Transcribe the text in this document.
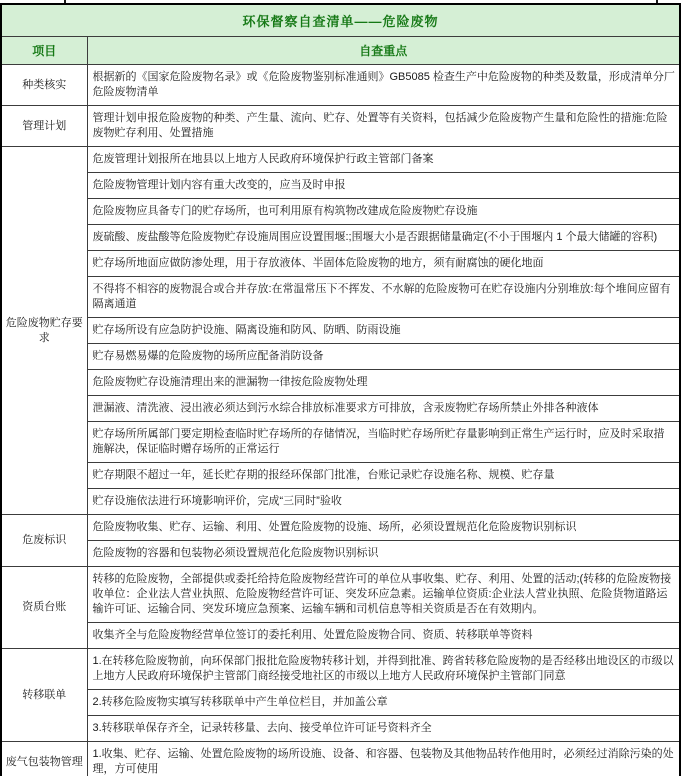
环保督察自查清单——危险废物	
项目	自查重点
种类核实	根据新的《国家危险废物名录》或《危险废物鉴别标准通则》GB5085 检查生产中危险废物的种类及数量，形成清单分厂危险废物清单
管理计划	管理计划申报危险废物的种类、产生量、流向、贮存、处置等有关资料，包括减少危险废物产生量和危险性的措施:危险废物贮存利用、处置措施
危险废物贮存要求	危废管理计划报所在地县以上地方人民政府环境保护行政主管部门备案
	危险废物管理计划内容有重大改变的，应当及时申报
	危险废物应具备专门的贮存场所，也可利用原有构筑物改建成危险废物贮存设施
	废硫酸、废盐酸等危险废物贮存设施周围应设置围堰:;围堰大小是否跟据储量确定(不小于围堰内 1 个最大储罐的容积)
	贮存场所地面应做防渗处理，用于存放液体、半固体危险废物的地方，须有耐腐蚀的硬化地面
	不得将不相容的废物混合或合并存放:在常温常压下不挥发、不水解的危险废物可在贮存设施内分别堆放:每个堆间应留有隔离通道
	贮存场所设有应急防护设施、隔离设施和防风、防晒、防雨设施
	贮存易燃易爆的危险废物的场所应配备消防设备
	危险废物贮存设施清理出来的泄漏物一律按危险废物处理
	泄漏液、清洗液、浸出液必须达到污水综合排放标准要求方可排放，含汞废物贮存场所禁止外排各种液体
	贮存场所所属部门要定期检查临时贮存场所的存储情况，当临时贮存场所贮存量影响到正常生产运行时，应及时采取措施解决，保证临时赠存场所的正常运行
	贮存期限不超过一年，延长贮存期的报经环保部门批准，台账记录贮存设施名称、规模、贮存量
	贮存设施依法进行环境影响评价，完成“三同时”验收
危废标识	危险废物收集、贮存、运输、利用、处置危险废物的设施、场所，必须设置规范化危险废物识别标识
	危险废物的容器和包装物必须设置规范化危险废物识别标识
资质台账	转移的危险废物，全部提供或委托给持危险废物经营许可的单位从事收集、贮存、利用、处置的活动;(转移的危险废物接收单位：企业法人营业执照、危险废物经营许可证、突发环应急素。运输单位资质:企业法人营业执照、危险货物道路运输许可证、运输合同、突发环境应急预案、运输车辆和司机信息等相关资质是否在有效期内。
	收集齐全与危险废物经营单位签订的委托利用、处置危险废物合同、资质、转移联单等资料
转移联单	1.在转移危险废物前，向环保部门报批危险废物转移计划，并得到批准、跨省转移危险废物的是否经移出地设区的市级以上地方人民政府环境保护主管部门商经接受地社区的市级以上地方人民政府环境保护主管部门同意
	2.转移危险废物实填写转移联单中产生单位栏目，并加盖公章
	3.转移联单保存齐全，记录转移量、去向、接受单位许可证号资料齐全
废气包装物管理	1.收集、贮存、运输、处置危险废物的场所设施、设备、和容器、包装物及其他物品转作他用时，必须经过消除污染的处理，方可使用
